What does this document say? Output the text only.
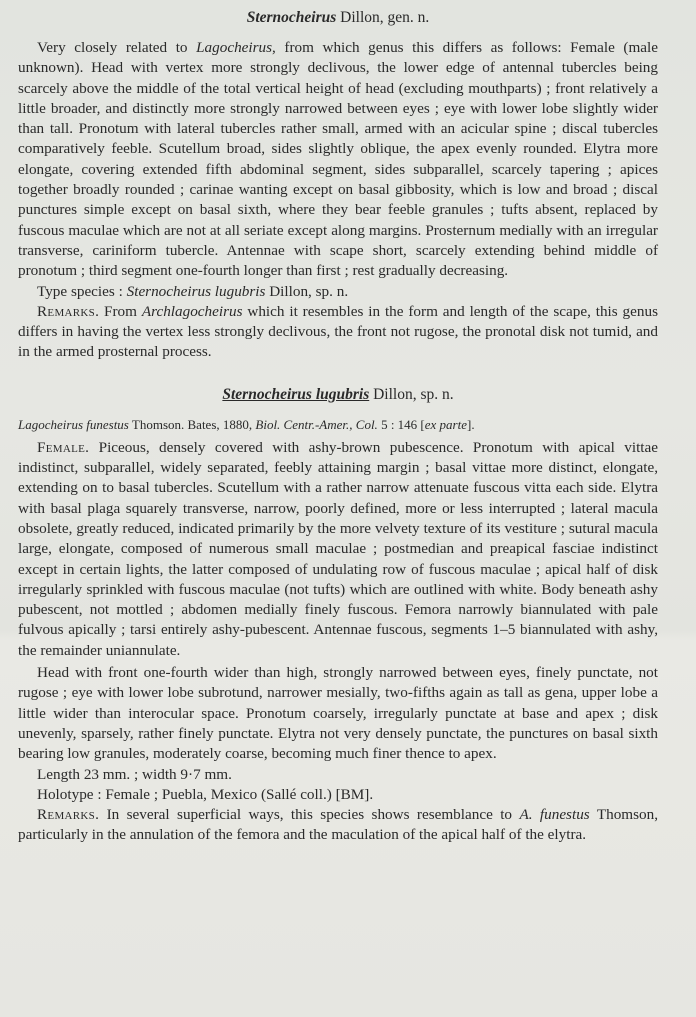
Sternocheirus Dillon, gen. n.

Very closely related to Lagocheirus, from which genus this differs as follows: Female (male unknown). Head with vertex more strongly declivous, the lower edge of antennal tubercles being scarcely above the middle of the total vertical height of head (excluding mouthparts) ; front relatively a little broader, and distinctly more strongly narrowed between eyes ; eye with lower lobe slightly wider than tall. Pronotum with lateral tubercles rather small, armed with an acicular spine ; discal tubercles comparatively feeble. Scutellum broad, sides slightly oblique, the apex evenly rounded. Elytra more elongate, covering extended fifth abdominal segment, sides subparallel, scarcely tapering ; apices together broadly rounded ; carinae wanting except on basal gibbosity, which is low and broad ; discal punctures simple except on basal sixth, where they bear feeble granules ; tufts absent, replaced by fuscous maculae which are not at all seriate except along margins. Prosternum medially with an irregular transverse, cariniform tubercle. Antennae with scape short, scarcely extending behind middle of pronotum ; third segment one-fourth longer than first ; rest gradually decreasing.

Type species : Sternocheirus lugubris Dillon, sp. n.

Remarks. From Archlagocheirus which it resembles in the form and length of the scape, this genus differs in having the vertex less strongly declivous, the front not rugose, the pronotal disk not tumid, and in the armed prosternal process.

Sternocheirus lugubris Dillon, sp. n.

Lagocheirus funestus Thomson. Bates, 1880, Biol. Centr.-Amer., Col. 5 : 146 [ex parte].

Female. Piceous, densely covered with ashy-brown pubescence. Pronotum with apical vittae indistinct, subparallel, widely separated, feebly attaining margin ; basal vittae more distinct, elongate, extending on to basal tubercles. Scutellum with a rather narrow attenuate fuscous vitta each side. Elytra with basal plaga squarely transverse, narrow, poorly defined, more or less interrupted ; lateral macula obsolete, greatly reduced, indicated primarily by the more velvety texture of its vestiture ; sutural macula large, elongate, composed of numerous small maculae ; postmedian and preapical fasciae indistinct except in certain lights, the latter composed of undulating row of fuscous maculae ; apical half of disk irregularly sprinkled with fuscous maculae (not tufts) which are outlined with white. Body beneath ashy pubescent, not mottled ; abdomen medially finely fuscous. Femora narrowly biannulated with pale fulvous apically ; tarsi entirely ashy-pubescent. Antennae fuscous, segments 1–5 biannulated with ashy, the remainder uniannulate.

Head with front one-fourth wider than high, strongly narrowed between eyes, finely punctate, not rugose ; eye with lower lobe subrotund, narrower mesially, two-fifths again as tall as gena, upper lobe a little wider than interocular space. Pronotum coarsely, irregularly punctate at base and apex ; disk unevenly, sparsely, rather finely punctate. Elytra not very densely punctate, the punctures on basal sixth bearing low granules, moderately coarse, becoming much finer thence to apex.

Length 23 mm. ; width 9·7 mm.

Holotype : Female ; Puebla, Mexico (Sallé coll.) [BM].

Remarks. In several superficial ways, this species shows resemblance to A. funestus Thomson, particularly in the annulation of the femora and the maculation of the apical half of the elytra.
